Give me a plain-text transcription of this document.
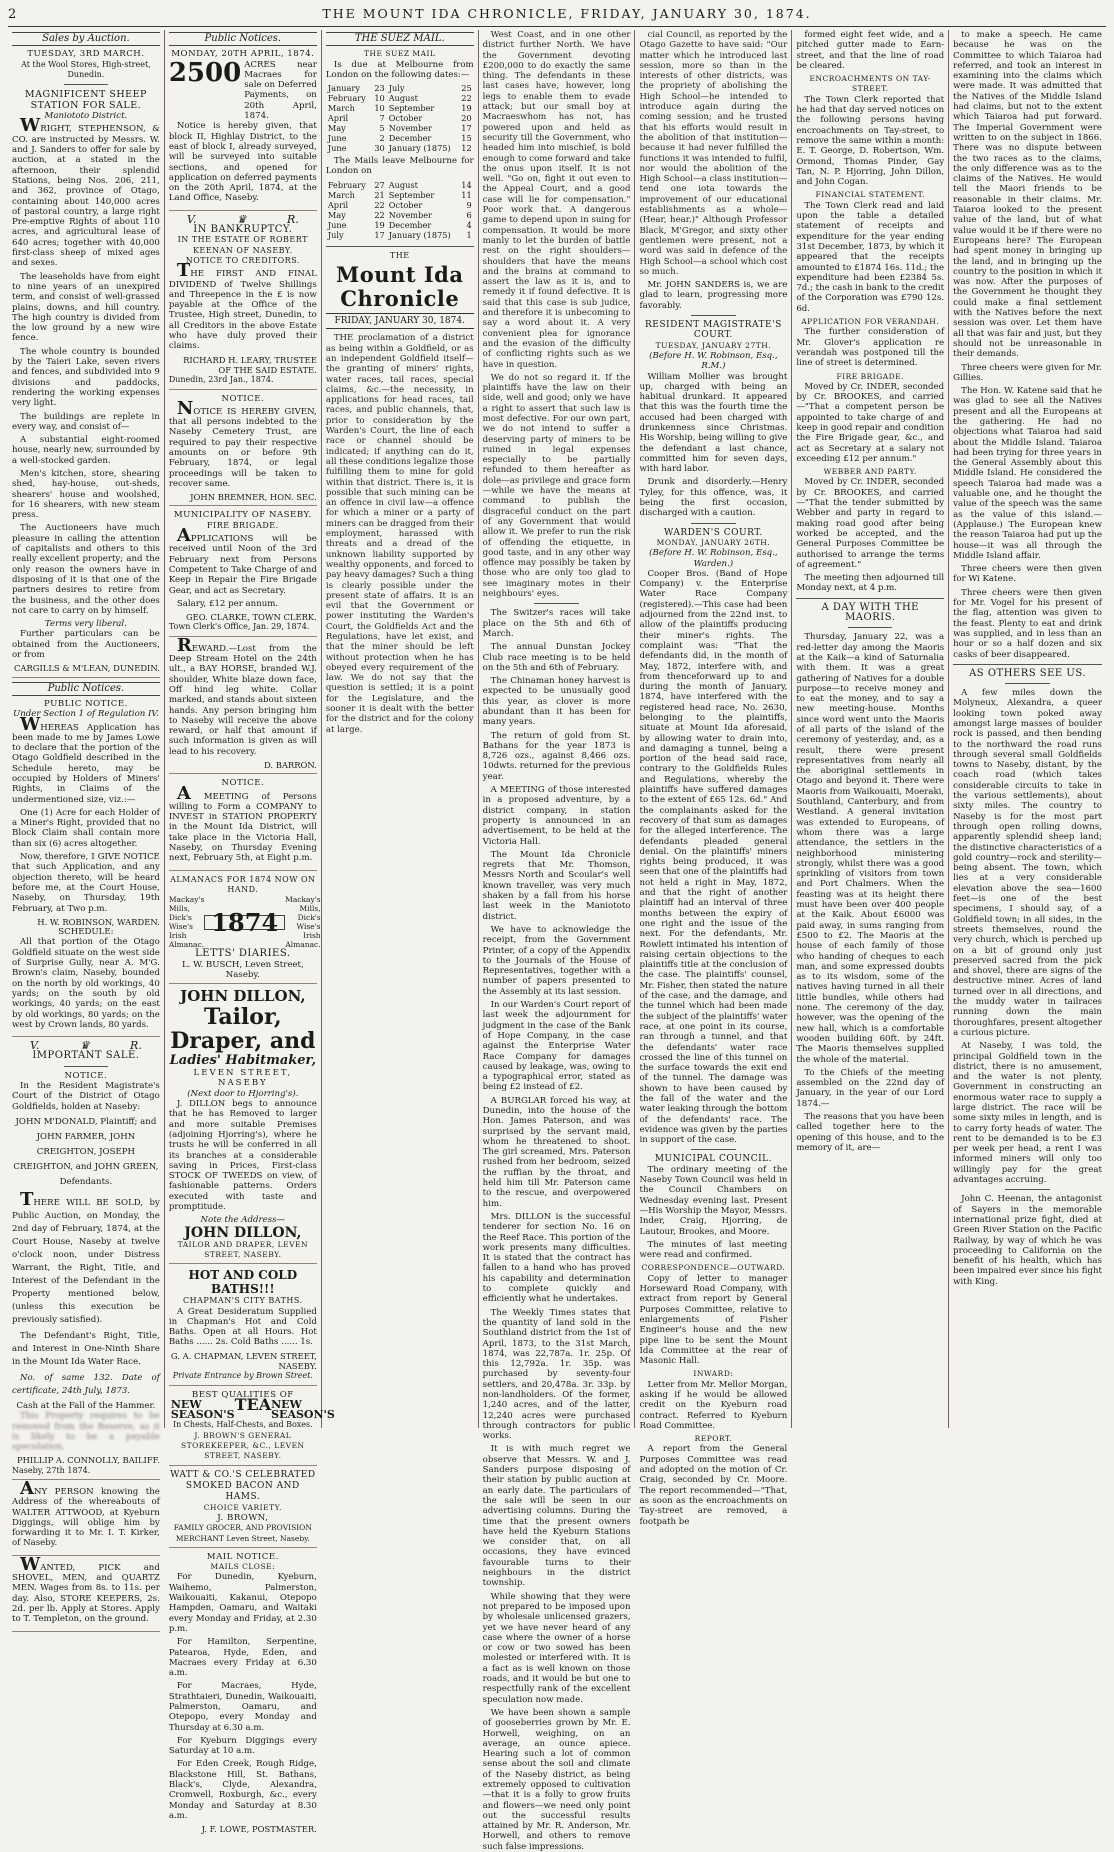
2	THE MOUNT IDA CHRONICLE, FRIDAY, JANUARY 30, 1874.
Sales by Auction.
TUESDAY, 3RD MARCH.
At the Wool Stores, High-street, Dunedin.
MAGNIFICENT SHEEP STATION FOR SALE.
Maniototo District.

WRIGHT, STEPHENSON, & CO. are instructed by Messrs. W. and J. Sanders to offer for sale by auction, at a stated in the afternoon, their splendid Stations, being Nos. 206, 211, and 362, province of Otago, containing about 140,000 acres of pastoral country, a large right Pre-emptive Rights of about 110 acres, and agricultural lease of 640 acres; together with 40,000 first-class sheep of mixed ages and sexes.

The leaseholds have from eight to nine years of an unexpired term, and consist of well-grassed plains, downs, and hill country. The high country is divided from the low ground by a new wire fence.

The whole country is bounded by the Taieri Lake, seven rivers and fences, and subdivided into 9 divisions and paddocks, rendering the working expenses very light.

The buildings are replete in every way, and consist of—

A substantial eight-roomed house, nearly new, surrounded by a well-stocked garden.

Men's kitchen, store, shearing shed, hay-house, out-sheds, shearers' house and woolshed, for 16 shearers, with new steam press.

The Auctioneers have much pleasure in calling the attention of capitalists and others to this really excellent property; and the only reason the owners have in disposing of it is that one of the partners desires to retire from the business, and the other does not care to carry on by himself.

Terms very liberal.

Further particulars can be obtained from the Auctioneers, or from

CARGILLS & M'LEAN, DUNEDIN.
Public Notices.
PUBLIC NOTICE.
Under Section 1 of Regulation IV.

WHEREAS Application has been made to me by James Lowe to declare that the portion of the Otago Goldfield described in the Schedule hereto, may be occupied by Holders of Miners' Rights, in Claims of the undermentioned size, viz.:—

One (1) Acre for each Holder of a Miner's Right, provided that no Block Claim shall contain more than six (6) acres altogether.

Now, therefore, I GIVE NOTICE that such Application, and any objection thereto, will be heard before me, at the Court House, Naseby, on Thursday, 19th February, at Two p.m.

H. W. ROBINSON, WARDEN.
SCHEDULE:

All that portion of the Otago Goldfield situate on the west side of Surprise Gully, near A. M'G. Brown's claim, Naseby, bounded on the north by old workings, 40 yards; on the south by old workings, 40 yards; on the east by old workings, 80 yards; on the west by Crown lands, 80 yards.

V.	♛	R.
IMPORTANT SALE.
NOTICE.

In the Resident Magistrate's Court of the District of Otago Goldfields, holden at Naseby:

JOHN M'DONALD, Plaintiff; and JOHN FARMER, JOHN CREIGHTON, JOSEPH CREIGHTON, and JOHN GREEN, Defendants.

THERE WILL BE SOLD, by Public Auction, on Monday, the 2nd day of February, 1874, at the Court House, Naseby at twelve o'clock noon, under Distress Warrant, the Right, Title, and Interest of the Defendant in the Property mentioned below, (unless this execution be previously satisfied).

The Defendant's Right, Title, and Interest in One-Ninth Share in the Mount Ida Water Race.

No. of same 132. Date of certificate, 24th July, 1873.

Cash at the Fall of the Hammer.

This Property requires to be removed from the Reserve, as it is likely to be a payable speculation.

PHILLIP A. CONNOLLY, BAILIFF.
Naseby, 27th 1874.

ANY PERSON knowing the Address of the whereabouts of WALTER ATTWOOD, at Kyeburn Diggings, will oblige him by forwarding it to Mr. I. T. Kirker, of Naseby.

WANTED, PICK and SHOVEL, MEN, and QUARTZ MEN. Wages from 8s. to 11s. per day. Also, STORE KEEPERS, 2s. 2d. per lb. Apply at Stores. Apply to T. Templeton, on the ground.

Public Notices.
MONDAY, 20TH APRIL, 1874.
2500 ACRES near Macraes for sale on Deferred Payments, on 20th April, 1874.

Notice is hereby given, that block II, Highlay District, to the east of block I, already surveyed, will be surveyed into suitable sections, and opened for application on deferred payments on the 20th April, 1874, at the Land Office, Naseby.

V.	♛	R.
IN BANKRUPTCY.
IN THE ESTATE OF ROBERT KEENAN OF NASEBY.
NOTICE TO CREDITORS.

THE FIRST AND FINAL DIVIDEND of Twelve Shillings and Threepence in the £ is now payable at the Office of the Trustee, High street, Dunedin, to all Creditors in the above Estate who have duly proved their claims.

RICHARD H. LEARY, TRUSTEE OF THE SAID ESTATE.
Dunedin, 23rd Jan., 1874.
NOTICE.

NOTICE IS HEREBY GIVEN, that all persons indebted to the Naseby Cemetery Trust, are required to pay their respective amounts on or before 9th February, 1874, or legal proceedings will be taken to recover same.

JOHN BREMNER, HON. SEC.
MUNICIPALITY OF NASEBY.
FIRE BRIGADE.

APPLICATIONS will be received until Noon of the 3rd February next from Persons Competent to Take Charge of and Keep in Repair the Fire Brigade Gear, and act as Secretary.

Salary, £12 per annum.

GEO. CLARKE, TOWN CLERK.
Town Clerk's Office, Jan. 29, 1874.

REWARD.—Lost from the Deep Stream Hotel on the 24th ult., a BAY HORSE, branded W.J. shoulder, White blaze down face, Off hind leg white. Collar marked, and stands about sixteen hands. Any person bringing him to Naseby will receive the above reward, or half that amount if such information is given as will lead to his recovery.

D. BARRON.
NOTICE.

A MEETING of Persons willing to Form a COMPANY to INVEST in STATION PROPERTY in the Mount Ida District, will take place in the Victoria Hall, Naseby, on Thursday Evening next, February 5th, at Eight p.m.

ALMANACS FOR 1874 NOW ON HAND.
Mackay's Mills, Dick's Wise's Irish Almanac.
1874
Mackay's Mills, Dick's Wise's Irish Almanac.
LETTS' DIARIES.
L. W. BUSCH, Leven Street, Naseby.
JOHN DILLON,
Tailor, Draper, and
Ladies' Habitmaker,
LEVEN STREET, NASEBY
(Next door to Hjorring's).

J. DILLON begs to announce that he has Removed to larger and more suitable Premises (adjoining Hjorring's), where he trusts he will be conferred in all its branches at a considerable saving in Prices, First-class STOCK OF TWEEDS on view, of fashionable patterns. Orders executed with taste and promptitude.

Note the Address—
JOHN DILLON,
TAILOR AND DRAPER, LEVEN STREET, NASEBY.
HOT AND COLD BATHS!!!
CHAPMAN'S CITY BATHS.

A Great Desideratum Supplied in Chapman's Hot and Cold Baths. Open at all Hours. Hot Baths ...... 2s. Cold Baths ...... 1s.

G. A. CHAPMAN, LEVEN STREET, NASEBY.
Private Entrance by Brown Street.
BEST QUALITIES OF
NEW SEASON'S
TEA NEW SEASON'S
In Chests, Half-Chests, and Boxes.
J. BROWN'S GENERAL STOREKEEPER, &C., LEVEN STREET, NASEBY.
WATT & CO.'S CELEBRATED SMOKED BACON AND HAMS.
CHOICE VARIETY.
J. BROWN,
FAMILY GROCER, AND PROVISION MERCHANT Leven Street, Naseby.
MAIL NOTICE.
MAILS CLOSE:

For Dunedin, Kyeburn, Waihemo, Palmerston, Waikouaiti, Kakanui, Otepopo Hampden, Oamaru, and Waitaki every Monday and Friday, at 2.30 p.m.

For Hamilton, Serpentine, Patearoa, Hyde, Eden, and Macraes every Friday at 6.30 a.m.

For Macraes, Hyde, Strathtaieri, Dunedin, Waikouaiti, Palmerston, Oamaru, and Otepopo, every Monday and Thursday at 6.30 a.m.

For Kyeburn Diggings every Saturday at 10 a.m.

For Eden Creek, Rough Ridge, Blackstone Hill, St. Bathans, Black's, Clyde, Alexandra, Cromwell, Roxburgh, &c., every Monday and Saturday at 8.30 a.m.

J. F. LOWE, POSTMASTER.
THE SUEZ MAIL.
THE SUEZ MAIL

Is due at Melbourne from London on the following dates:—

January	23	July	25
February	10	August	22
March	10	September	19
April	7	October	20
May	5	November	17
June	2	December	15
June	30	January (1875)	12

The Mails leave Melbourne for London on

February	27	August	14
March	21	September	11
April	22	October	9
May	22	November	6
June	19	December	4
July	17	January (1875)	1
THE
Mount Ida Chronicle
FRIDAY, JANUARY 30, 1874.

THE proclamation of a district as being within a Goldfield, or as an independent Goldfield itself—the granting of miners' rights, water races, tail races, special claims, &c.—the necessity, in applications for head races, tail races, and public channels, that, prior to consideration by the Warden's Court, the line of each race or channel should be indicated; if anything can do it, all these conditions legalize those fulfilling them to mine for gold within that district. There is, it is possible that such mining can be an offence in civil law—a offence for which a miner or a party of miners can be dragged from their employment, harassed with threats and a dread of the unknown liability supported by wealthy opponents, and forced to pay heavy damages? Such a thing is clearly possible under the present state of affairs. It is an evil that the Government or power instituting the Warden's Court, the Goldfields Act and the Regulations, have let exist, and that the miner should be left without protection when he has obeyed every requirement of the law. We do not say that the question is settled; it is a point for the Legislature, and the sooner it is dealt with the better for the district and for the colony at large.

West Coast, and in one other district further North. We have the Government devoting £200,000 to do exactly the same thing. The defendants in these last cases have, however, long legs to enable them to evade attack; but our small boy at Macraeswhom has not, has powered upon and held as security till the Government, who headed him into mischief, is bold enough to come forward and take the onus upon itself. It is not well. "Go on, fight it out even to the Appeal Court, and a good case will lie for compensation." Poor work that. A dangerous game to depend upon in suing for compensation. It would be more manly to let the burden of battle rest on the right shoulders—shoulders that have the means and the brains at command to assert the law as it is, and to remedy it if found defective. It is said that this case is sub judice, and therefore it is unbecoming to say a word about it. A very convenient plea for ignorance and the evasion of the difficulty of conflicting rights such as we have in question.

We do not so regard it. If the plaintiffs have the law on their side, well and good; only we have a right to assert that such law is most defective. For our own part, we do not intend to suffer a deserving party of miners to be ruined in legal expenses especially to be partially refunded to them hereafter as dole—as privilege and grace form—while we have the means at command to publish the disgraceful conduct on the part of any Government that would allow it. We prefer to run the risk of offending the etiquette, in good taste, and in any other way offence may possibly be taken by those who are only too glad to see imaginary motes in their neighbours' eyes.

The Switzer's races will take place on the 5th and 6th of March.

The annual Dunstan Jockey Club race meeting is to be held on the 5th and 6th of February.

The Chinaman honey harvest is expected to be unusually good this year, as clover is more abundant than it has been for many years.

The return of gold from St. Bathans for the year 1873 is 8,726 ozs., against 8,466 ozs. 10dwts. returned for the previous year.

A MEETING of those interested in a proposed adventure, by a district company, in station property is announced in an advertisement, to be held at the Victoria Hall.

The Mount Ida Chronicle regrets that Mr. Thomson, Messrs North and Scoular's well known traveller, was very much shaken by a fall from his horse last week in the Maniototo district.

We have to acknowledge the receipt, from the Government Printer, of a copy of the Appendix to the Journals of the House of Representatives, together with a number of papers presented to the Assembly at its last session.

In our Warden's Court report of last week the adjournment for judgment in the case of the Bank of Hope Company, in the case against the Enterprise Water Race Company for damages caused by leakage, was, owing to a typographical error, stated as being £2 instead of £2.

A BURGLAR forced his way, at Dunedin, into the house of the Hon. James Paterson, and was surprised by the servant maid, whom he threatened to shoot. The girl screamed, Mrs. Paterson rushed from her bedroom, seized the ruffian by the throat, and held him till Mr. Paterson came to the rescue, and overpowered him.

Mrs. DILLON is the successful tenderer for section No. 16 on the Reef Race. This portion of the work presents many difficulties. It is stated that the contract has fallen to a hand who has proved his capability and determination to complete quickly and efficiently what he undertakes.

The Weekly Times states that the quantity of land sold in the Southland district from the 1st of April, 1873, to the 31st March, 1874, was 22,787a. 1r. 25p. Of this 12,792a. 1r. 35p. was purchased by seventy-four settlers, and 20,478a. 3r. 33p. by non-landholders. Of the former, 1,240 acres, and of the latter, 12,240 acres were purchased through contractors for public works.

It is with much regret we observe that Messrs. W. and J. Sanders purpose disposing of their station by public auction at an early date. The particulars of the sale will be seen in our advertising columns. During the time that the present owners have held the Kyeburn Stations we consider that, on all occasions, they have evinced favourable turns to their neighbours in the district township.

While showing that they were not prepared to be imposed upon by wholesale unlicensed grazers, yet we have never heard of any case where the owner of a horse or cow or two sowed has been molested or interfered with. It is a fact as is well known on those roads, and it would be but one to respectfully rank of the excellent speculation now made.

We have been shown a sample of gooseberries grown by Mr. E. Horwell, weighing, on an average, an ounce apiece. Hearing such a lot of common sense about the soil and climate of the Naseby district, as being extremely opposed to cultivation—that it is a folly to grow fruits and flowers—we need only point out the successful results attained by Mr. R. Anderson, Mr. Horwell, and others to remove such false impressions.

cial Council, as reported by the Otago Gazette to have said: "Our matter which he introduced last session, more so than in the interests of other districts, was the propriety of abolishing the High School—he intended to introduce again during the coming session; and he trusted that his efforts would result in the abolition of that institution—because it had never fulfilled the functions it was intended to fulfil, nor would the abolition of the High School—a class institution—tend one iota towards the improvement of our educational establishments as a whole—(Hear, hear.)" Although Professor Black, M'Gregor, and sixty other gentlemen were present, not a word was said in defence of the High School—a school which cost so much.

Mr. JOHN SANDERS is, we are glad to learn, progressing more favorably.

RESIDENT MAGISTRATE'S COURT.
TUESDAY, JANUARY 27TH.
(Before H. W. Robinson, Esq., R.M.)

William Mollier was brought up, charged with being an habitual drunkard. It appeared that this was the fourth time the accused had been charged with drunkenness since Christmas. His Worship, being willing to give the defendant a last chance, committed him for seven days, with hard labor.

Drunk and disorderly.—Henry Tyley, for this offence, was, it being the first occasion, discharged with a caution.

WARDEN'S COURT.
MONDAY, JANUARY 26TH.
(Before H. W. Robinson, Esq., Warden.)

Cooper Bros. (Band of Hope Company) v. the Enterprise Water Race Company (registered).—This case had been adjourned from the 22nd inst. to allow of the plaintiffs producing their miner's rights. The complaint was: "That the defendants did, in the month of May, 1872, interfere with, and from thenceforward up to and during the month of January, 1874, have interfered with the registered head race, No. 2630, belonging to the plaintiffs, situate at Mount Ida aforesaid, by allowing water to drain into, and damaging a tunnel, being a portion of the head said race, contrary to the Goldfields Rules and Regulations, whereby the plaintiffs have suffered damages to the extent of £65 12s. 6d." And the complainants asked for the recovery of that sum as damages for the alleged interference. The defendants pleaded general denial. On the plaintiffs' miners rights being produced, it was seen that one of the plaintiffs had not held a right in May, 1872, and that the right of another plaintiff had an interval of three months between the expiry of one right and the issue of the next. For the defendants, Mr. Rowlett intimated his intention of raising certain objections to the plaintiffs title at the conclusion of the case. The plaintiffs' counsel, Mr. Fisher, then stated the nature of the case, and the damage, and the tunnel which had been made the subject of the plaintiffs' water race, at one point in its course, ran through a tunnel, and that the defendants' water race crossed the line of this tunnel on the surface towards the exit end of the tunnel. The damage was shown to have been caused by the fall of the water and the water leaking through the bottom of the defendants' race. The evidence was given by the parties in support of the case.

MUNICIPAL COUNCIL.

The ordinary meeting of the Naseby Town Council was held in the Council Chambers on Wednesday evening last. Present—His Worship the Mayor, Messrs. Inder, Craig, Hjorring, de Lautour, Brookes, and Moore.

The minutes of last meeting were read and confirmed.

CORRESPONDENCE—OUTWARD.

Copy of letter to manager Horseward Road Company, with extract from report by General Purposes Committee, relative to enlargements of Fisher Engineer's house and the new pipe line to be sent the Mount Ida Committee at the rear of Masonic Hall.

INWARD:

Letter from Mr. Mellor Morgan, asking if he would be allowed credit on the Kyeburn road contract. Referred to Kyeburn Road Committee.

REPORT.

A report from the General Purposes Committee was read and adopted on the motion of Cr. Craig, seconded by Cr. Moore. The report recommended—"That, as soon as the encroachments on Tay-street are removed, a footpath be

formed eight feet wide, and a pitched gutter made to Earn-street, and that the line of road be cleared.

ENCROACHMENTS ON TAY-STREET.

The Town Clerk reported that he had that day served notices on the following persons having encroachments on Tay-street, to remove the same within a month: E. T. George, D. Robertson, Wm. Ormond, Thomas Pinder, Gay Tan, N. P. Hjorring, John Dillon, and John Cogan.

FINANCIAL STATEMENT.

The Town Clerk read and laid upon the table a detailed statement of receipts and expenditure for the year ending 31st December, 1873, by which it appeared that the receipts amounted to £1874 16s. 11d.; the expenditure had been £2384 5s. 7d.; the cash in bank to the credit of the Corporation was £790 12s. 6d.

APPLICATION FOR VERANDAH.

The further consideration of Mr. Glover's application re verandah was postponed till the line of street is determined.

FIRE BRIGADE.

Moved by Cr. INDER, seconded by Cr. BROOKES, and carried—"That a competent person be appointed to take charge of and keep in good repair and condition the Fire Brigade gear, &c., and act as Secretary at a salary not exceeding £12 per annum."

WEBBER AND PARTY.

Moved by Cr. INDER, seconded by Cr. BROOKES, and carried—"That the tender submitted by Webber and party in regard to making road good after being worked be accepted, and the General Purposes Committee be authorised to arrange the terms of agreement."

The meeting then adjourned till Monday next, at 4 p.m.

A DAY WITH THE MAORIS.

Thursday, January 22, was a red-letter day among the Maoris at the Kaik—a kind of Saturnalia with them. It was a great gathering of Natives for a double purpose—to receive money and to eat the money, and to say a new meeting-house. Months since word went unto the Maoris of all parts of the island of the ceremony of yesterday, and, as a result, there were present representatives from nearly all the aboriginal settlements in Otago and beyond it. There were Maoris from Waikouaiti, Moeraki, Southland, Canterbury, and from Westland. A general invitation was extended to Europeans, of whom there was a large attendance, the settlers in the neighborhood ministering strongly, whilst there was a good sprinkling of visitors from town and Port Chalmers. When the feasting was at its height there must have been over 400 people at the Kaik. About £6000 was paid away, in sums ranging from £500 to £2. The Maoris at the house of each family of those who handing of cheques to each man, and some expressed doubts as to its wisdom, some of the natives having turned in all their little bundles, while others had none. The ceremony of the day, however, was the opening of the new hall, which is a comfortable wooden building 60ft. by 24ft. The Maoris themselves supplied the whole of the material.

To the Chiefs of the meeting assembled on the 22nd day of January, in the year of our Lord 1874.—

The reasons that you have been called together here to the opening of this house, and to the memory of it, are—

to make a speech. He came because he was on the Committee to which Taiaroa had referred, and took an interest in examining into the claims which were made. It was admitted that the Natives of the Middle Island had claims, but not to the extent which Taiaroa had put forward. The Imperial Government were written to on the subject in 1866. There was no dispute between the two races as to the claims, the only difference was as to the claims of the Natives. He would tell the Maori friends to be reasonable in their claims. Mr. Taiaroa looked to the present value of the land, but of what value would it be if there were no Europeans here? The European had spent money in bringing up the land, and in bringing up the country to the position in which it was now. After the purposes of the Government he thought they could make a final settlement with the Natives before the next session was over. Let them have all that was fair and just, but they should not be unreasonable in their demands.

Three cheers were given for Mr. Gillies.

The Hon. W. Katene said that he was glad to see all the Natives present and all the Europeans at the gathering. He had no objections what Taiaroa had said about the Middle Island. Taiaroa had been trying for three years in the General Assembly about this Middle Island. He considered the speech Taiaroa had made was a valuable one, and he thought the value of the speech was the same as the value of this island.—(Applause.) The European knew the reason Taiaroa had put up the house—it was all through the Middle Island affair.

Three cheers were then given for Wi Katene.

Three cheers were then given for Mr. Vogel for his present of the flag, attention was given to the feast. Plenty to eat and drink was supplied, and in less than an hour or so a half dozen and six casks of beer disappeared.

AS OTHERS SEE US.

A few miles down the Molyneux, Alexandra, a queer looking town poked away amongst large masses of boulder rock is passed, and then bending to the northward the road runs through several small Goldfields towns to Naseby, distant, by the coach road (which takes considerable circuits to take in the various settlements), about sixty miles. The country to Naseby is for the most part through open rolling downs, apparently splendid sheep land; the distinctive characteristics of a gold country—rock and sterility—being absent. The town, which lies at a very considerable elevation above the sea—1600 feet—is one of the best specimens, I should say, of a Goldfield town; in all sides, in the streets themselves, round the very church, which is perched up on a bit of ground only just preserved sacred from the pick and shovel, there are signs of the destructive miner. Acres of land turned over in all directions, and the muddy water in tailraces running down the main thoroughfares, present altogether a curious picture.

At Naseby, I was told, the principal Goldfield town in the district, there is no amusement, and the water is not plenty, Government in constructing an enormous water race to supply a large district. The race will be some sixty miles in length, and is to carry forty heads of water. The rent to be demanded is to be £3 per week per head, a rent I was informed miners will only too willingly pay for the great advantages accruing.

John C. Heenan, the antagonist of Sayers in the memorable international prize fight, died at Green River Station on the Pacific Railway, by way of which he was proceeding to California on the benefit of his health, which has been impaired ever since his fight with King.
